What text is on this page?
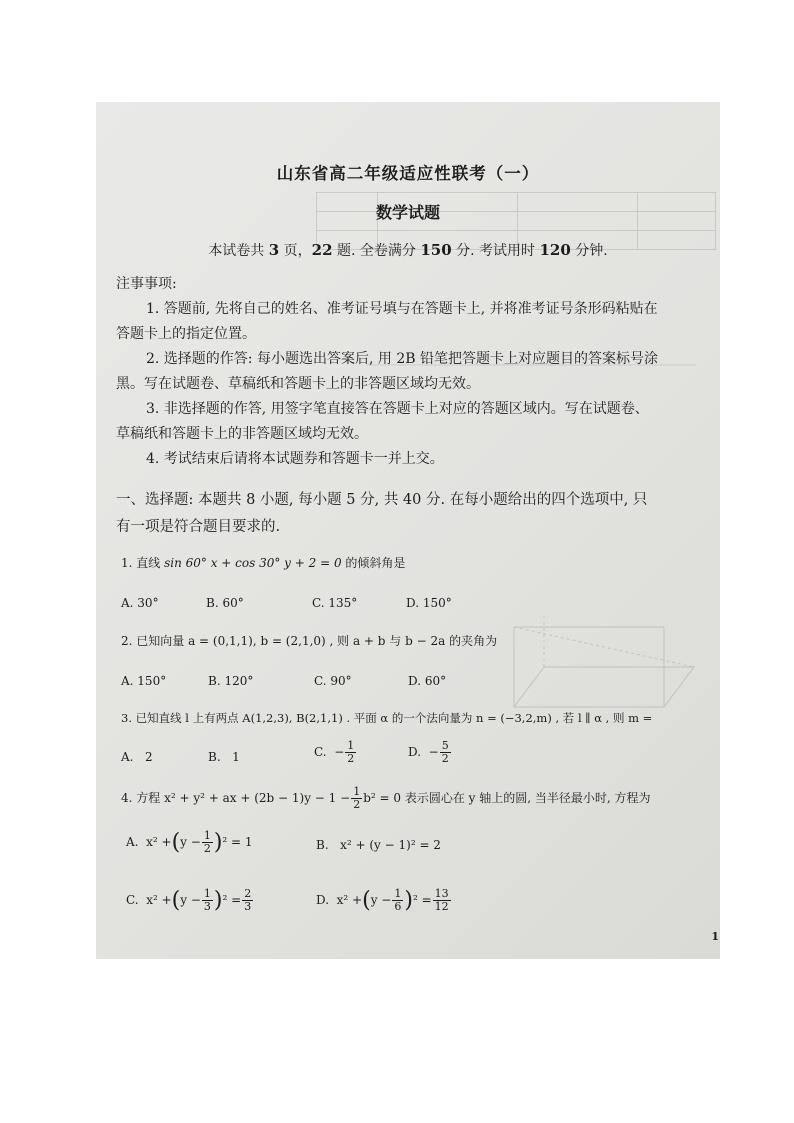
山东省高二年级适应性联考（一）
数学试题
本试卷共 3 页，22 题. 全卷满分 150 分. 考试用时 120 分钟.
注事事项:
1. 答题前, 先将自己的姓名、准考证号填与在答题卡上, 并将准考证号条形码粘贴在
答题卡上的指定位置。
2. 选择题的作答: 每小题选出答案后, 用 2B 铅笔把答题卡上对应题目的答案标号涂
黑。写在试题卷、草稿纸和答题卡上的非答题区域均无效。
3. 非选择题的作答, 用签字笔直接答在答题卡上对应的答题区域内。写在试题卷、
草稿纸和答题卡上的非答题区域均无效。
4. 考试结束后请将本试题券和答题卡一并上交。
一、选择题: 本题共 8 小题, 每小题 5 分, 共 40 分. 在每小题给出的四个选项中, 只
有一项是符合题目要求的.
1. 直线 sin 60° x + cos 30° y + 2 = 0 的倾斜角是
A. 30°	B. 60°	C. 135°	D. 150°
2. 已知向量 a = (0,1,1), b = (2,1,0) , 则 a + b 与 b − 2a 的夹角为
A. 150°	B. 120°	C. 90°	D. 60°
3. 已知直线 l 上有两点 A(1,2,3), B(2,1,1) . 平面 α 的一个法向量为 n = (−3,2,m) , 若 l ∥ α , 则 m =
A. 2	B. 1	C. − $\frac{1}{2}$	D. − $\frac{5}{2}$
4. 方程 x² + y² + ax + $(2b - 1)y - 1 - \frac{1}{2} b^2 = 0$ 表示圆心在 y 轴上的圆, 当半径最小时, 方程为
A. $x^2 +(y - \frac{1}{2} )^2 = 1$	B. x² + (y − 1)² = 2
C. $x^2 +(y - \frac{1}{3} )^2 = \frac{2}{3}$	D. $x^2 +(y - \frac{1}{6} )^2 = \frac{13}{12}$
1
